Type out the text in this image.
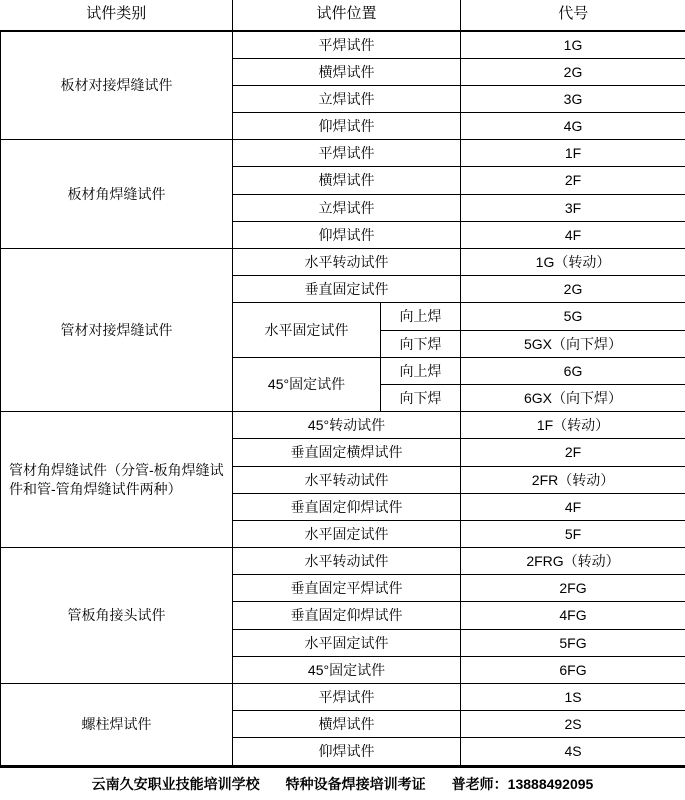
试件类别	试件位置		代号
板材对接焊缝试件	平焊试件		1G
	横焊试件		2G
	立焊试件		3G
	仰焊试件		4G
板材角焊缝试件	平焊试件		1F
	横焊试件		2F
	立焊试件		3F
	仰焊试件		4F
管材对接焊缝试件	水平转动试件		1G（转动）
	垂直固定试件		2G
	水平固定试件	向上焊	5G
		向下焊	5GX（向下焊）
	45°固定试件	向上焊	6G
		向下焊	6GX（向下焊）
管材角焊缝试件（分管-板角焊缝试件和管-管角焊缝试件两种）	45°转动试件		1F（转动）
	垂直固定横焊试件		2F
	水平转动试件		2FR（转动）
	垂直固定仰焊试件		4F
	水平固定试件		5F
管板角接头试件	水平转动试件		2FRG（转动）
	垂直固定平焊试件		2FG
	垂直固定仰焊试件		4FG
	水平固定试件		5FG
	45°固定试件		6FG
螺柱焊试件	平焊试件		1S
	横焊试件		2S
	仰焊试件		4S
云南久安职业技能培训学校 特种设备焊接培训考证 普老师：13888492095
